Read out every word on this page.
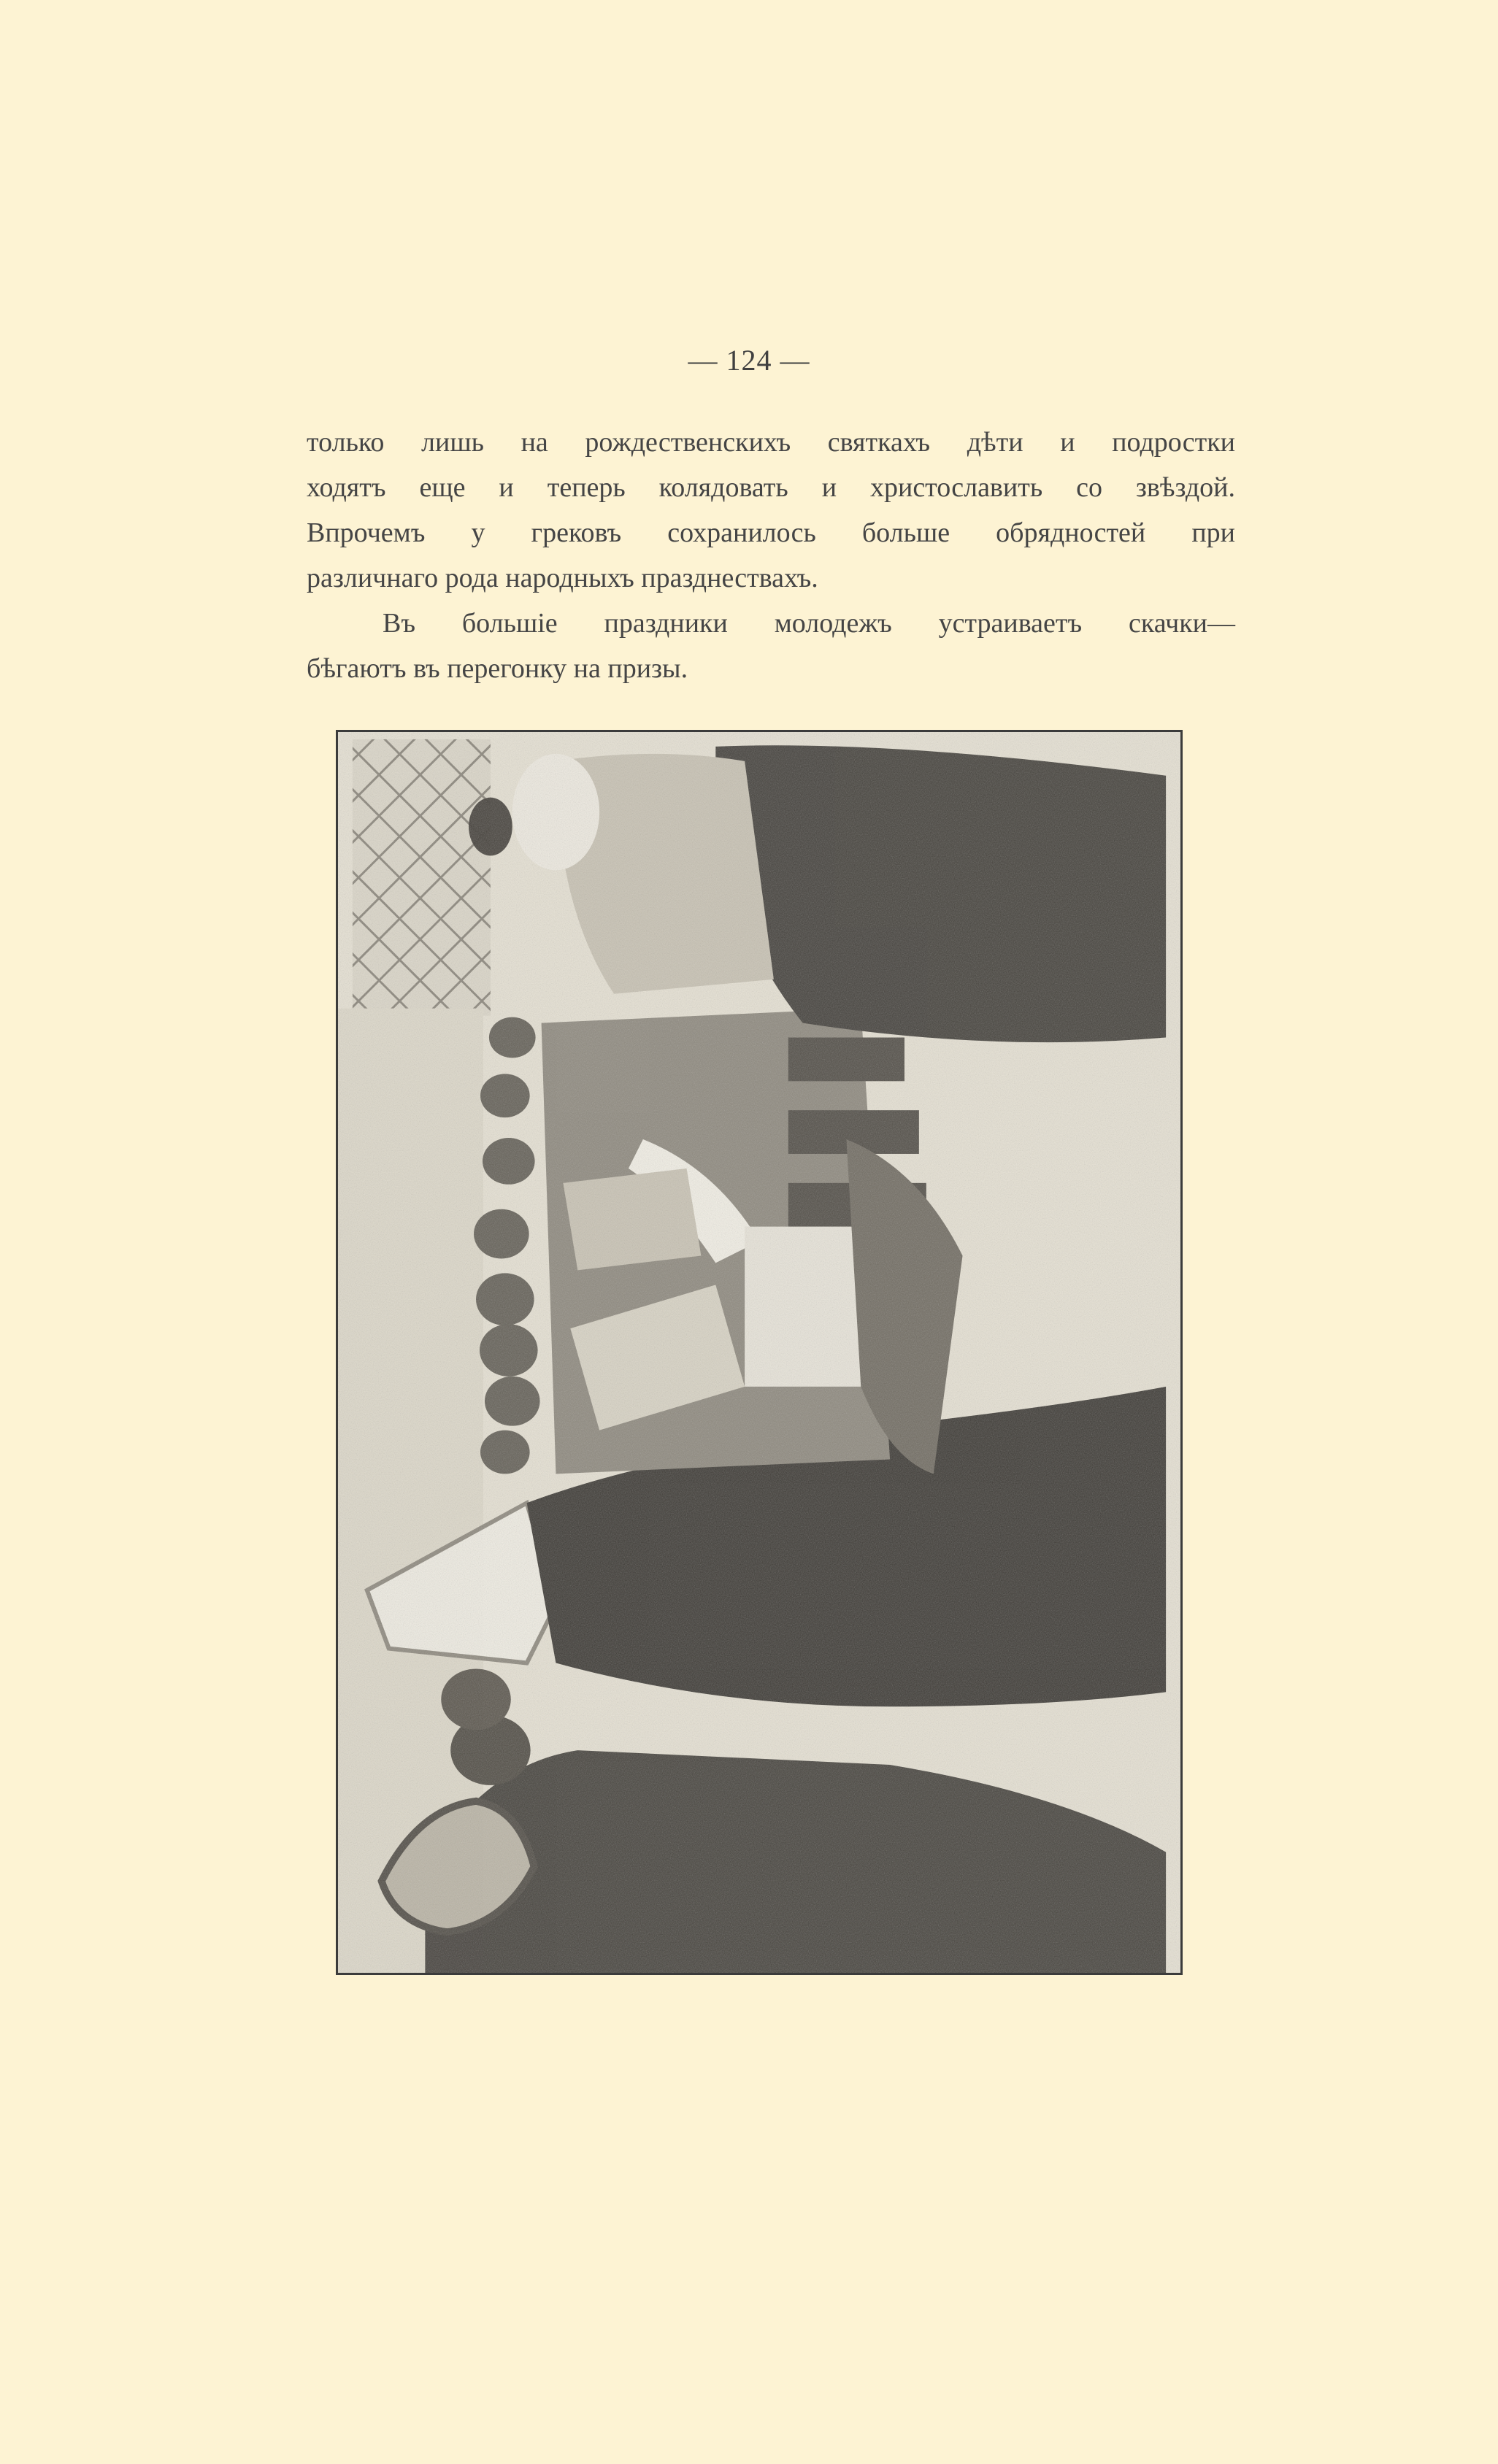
— 124 —

только лишь на рождественскихъ святкахъ дѣти и подростки
ходятъ еще и теперь колядовать и христославить со звѣздой.
Впрочемъ у грековъ сохранилось больше обрядностей при
различнаго рода народныхъ празднествахъ.

Въ большіе праздники молодежъ устраиваетъ скачки—
бѣгаютъ въ перегонку на призы.
